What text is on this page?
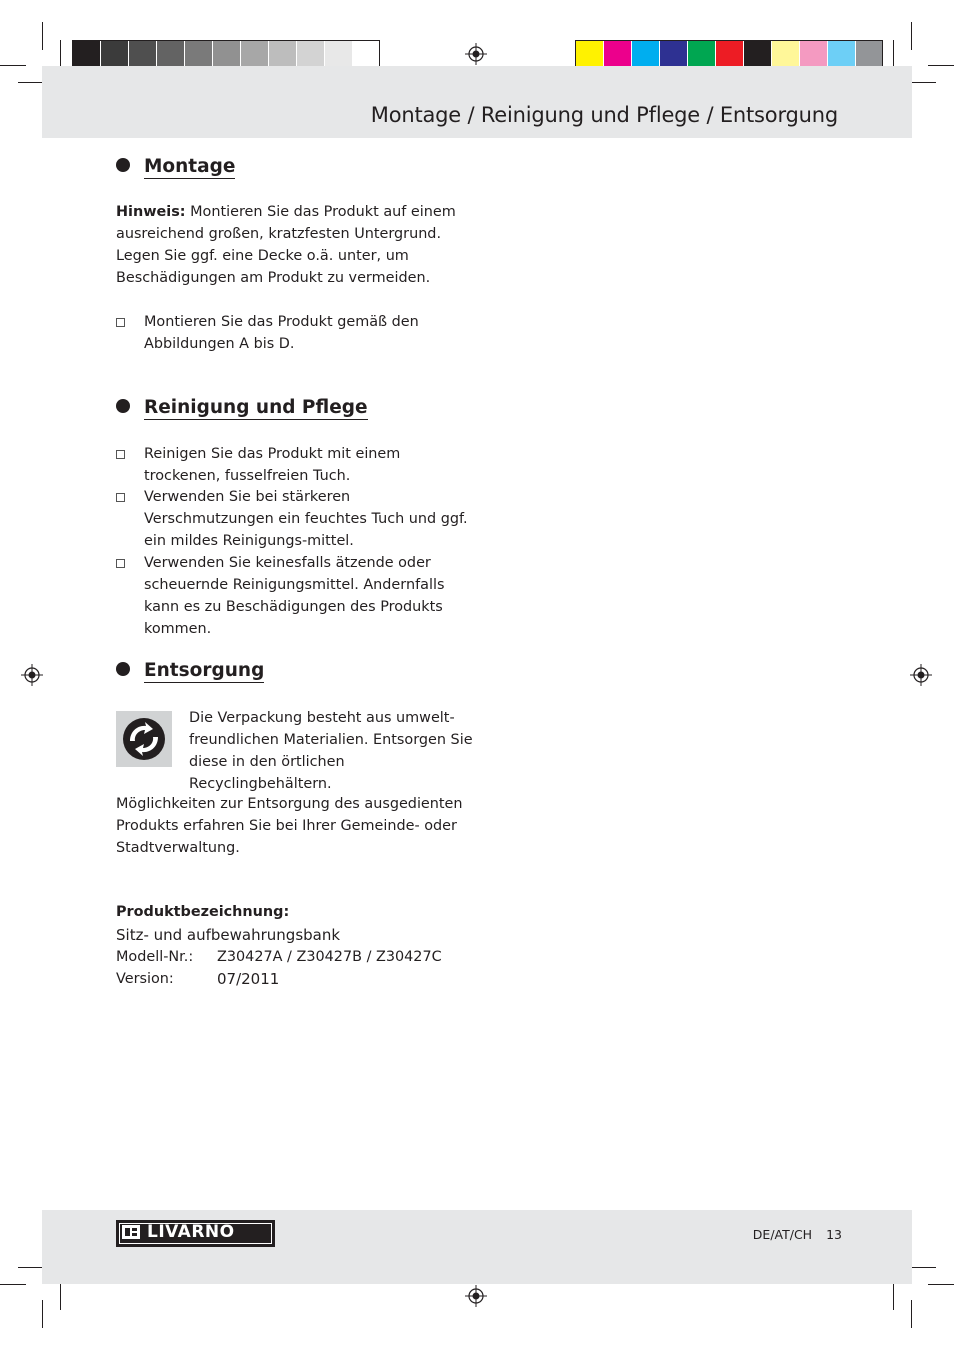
Montage / Reinigung und Pflege / Entsorgung
Montage
Hinweis: Montieren Sie das Produkt auf einem ausreichend großen, kratzfesten Untergrund. Legen Sie ggf. eine Decke o.ä. unter, um Beschädigungen am Produkt zu vermeiden.
Montieren Sie das Produkt gemäß den Abbildungen A bis D.
Reinigung und Pflege
Reinigen Sie das Produkt mit einem trockenen, fusselfreien Tuch.
Verwenden Sie bei stärkeren Verschmutzungen ein feuchtes Tuch und ggf. ein mildes Reinigungs-mittel.
Verwenden Sie keinesfalls ätzende oder scheuernde Reinigungsmittel. Andernfalls kann es zu Beschädigungen des Produkts kommen.
Entsorgung
Die Verpackung besteht aus umwelt-freundlichen Materialien. Entsorgen Sie diese in den örtlichen Recyclingbehältern.
Möglichkeiten zur Entsorgung des ausgedienten Produkts erfahren Sie bei Ihrer Gemeinde- oder Stadtverwaltung.
Produktbezeichnung:
Sitz- und aufbewahrungsbank
Modell-Nr.: Z30427A / Z30427B / Z30427C
Version:	07/2011
LIVARNO	DE/AT/CH 13
